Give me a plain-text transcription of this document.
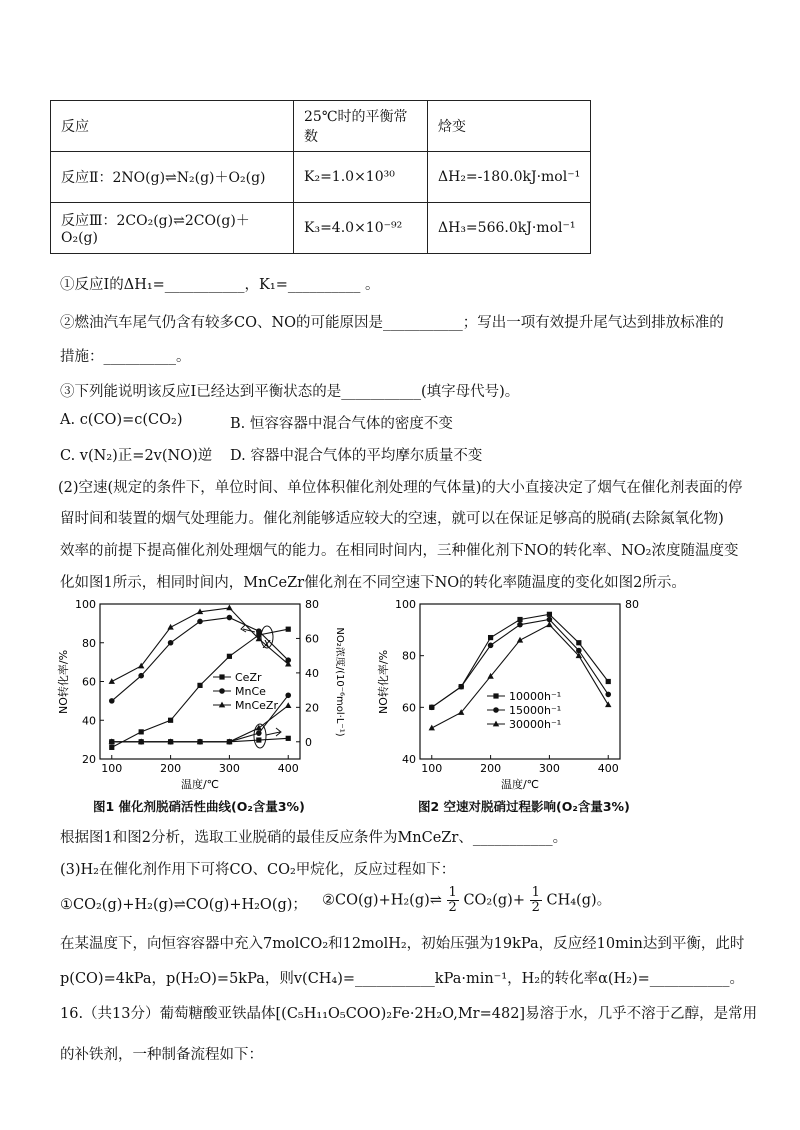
反应	25℃时的平衡常数	焓变
反应Ⅱ：2NO(g)⇌N₂(g)＋O₂(g)	K₂=1.0×10³⁰	ΔH₂=-180.0kJ·mol⁻¹
反应Ⅲ：2CO₂(g)⇌2CO(g)＋O₂(g)	K₃=4.0×10⁻⁹²	ΔH₃=566.0kJ·mol⁻¹
①反应Ⅰ的ΔH₁=___________，K₁=__________ 。
②燃油汽车尾气仍含有较多CO、NO的可能原因是___________；写出一项有效提升尾气达到排放标准的
措施：__________。
③下列能说明该反应Ⅰ已经达到平衡状态的是___________(填字母代号)。
A. c(CO)=c(CO₂)	B. 恒容容器中混合气体的密度不变
C. v(N₂)正=2v(NO)逆 D. 容器中混合气体的平均摩尔质量不变
(2)空速(规定的条件下，单位时间、单位体积催化剂处理的气体量)的大小直接决定了烟气在催化剂表面的停
留时间和装置的烟气处理能力。催化剂能够适应较大的空速，就可以在保证足够高的脱硝(去除氮氧化物)
效率的前提下提高催化剂处理烟气的能力。在相同时间内，三种催化剂下NO的转化率、NO₂浓度随温度变
化如图1所示，相同时间内，MnCeZr催化剂在不同空速下NO的转化率随温度的变化如图2所示。
100	200	300	400
20
40
60
80
100
0
20
40
60
80
NO转化率/%	NO₂浓度/(10⁻⁶mol·L⁻¹)
温度/℃
X
CeZr
MnCe
MnCeZr
图1 催化剂脱硝活性曲线(O₂含量3%)
100	200	300	400
40
60
80
100
NO转化率/%
温度/℃
80
10000h⁻¹
15000h⁻¹
30000h⁻¹
图2 空速对脱硝过程影响(O₂含量3%)
根据图1和图2分析，选取工业脱硝的最佳反应条件为MnCeZr、___________。
(3)H₂在催化剂作用下可将CO、CO₂甲烷化，反应过程如下：
①CO₂(g)+H₂(g)⇌CO(g)+H₂O(g)； ②CO(g)+H₂(g)⇌ $\frac{1}{2} CO_2(g)+ \frac{1}{2} CH_4(g)$。
在某温度下，向恒容容器中充入7molCO₂和12molH₂，初始压强为19kPa，反应经10min达到平衡，此时
p(CO)=4kPa，p(H₂O)=5kPa，则v(CH₄)=___________kPa·min⁻¹，H₂的转化率α(H₂)=___________。
16.（共13分）葡萄糖酸亚铁晶体[(C₅H₁₁O₅COO)₂Fe·2H₂O,Mr=482]易溶于水，几乎不溶于乙醇，是常用
的补铁剂，一种制备流程如下：
